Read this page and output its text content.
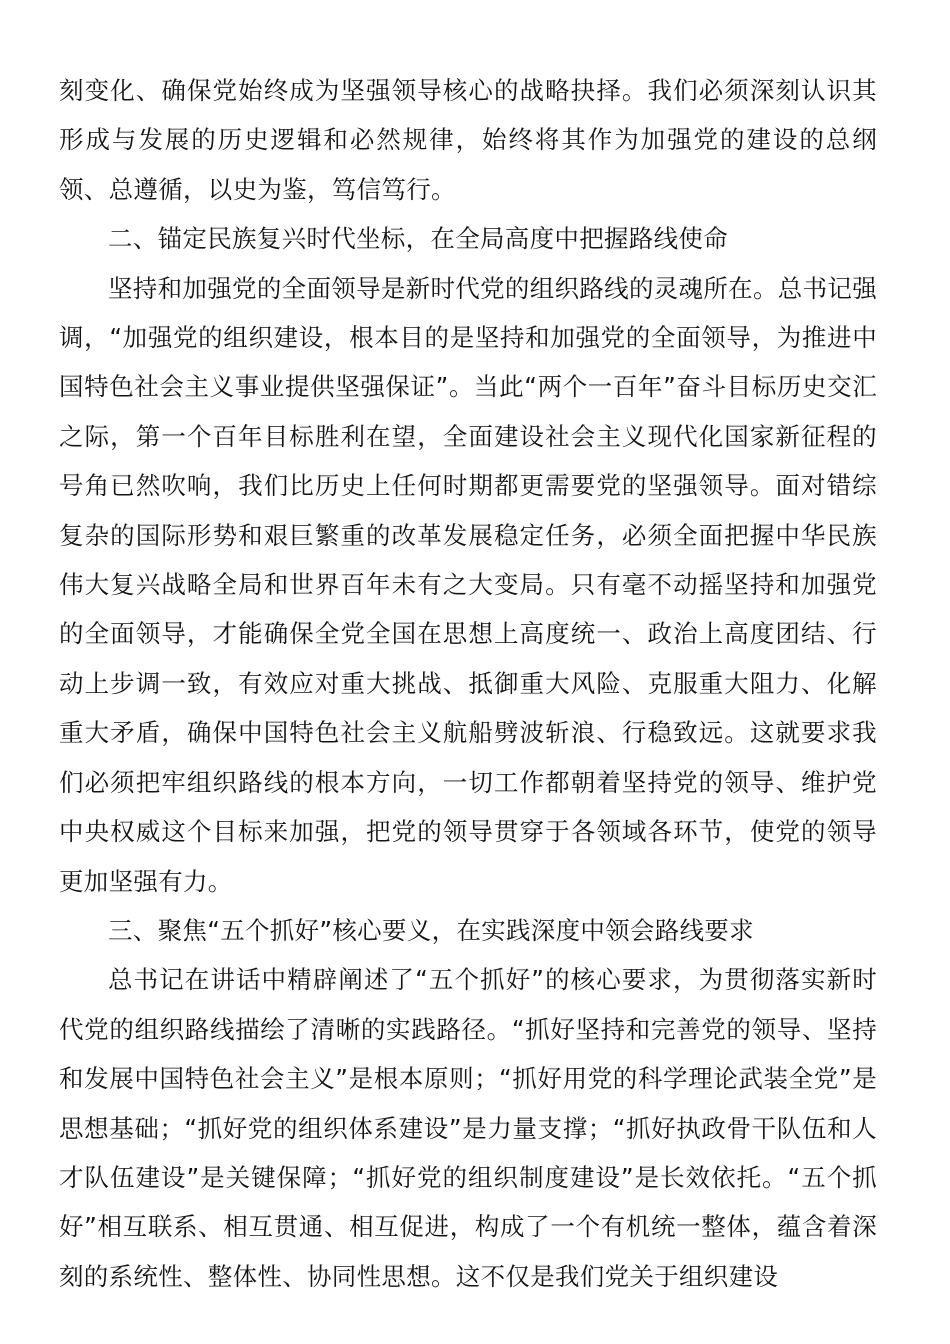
刻变化、确保党始终成为坚强领导核心的战略抉择。我们必须深刻认识其形成与发展的历史逻辑和必然规律，始终将其作为加强党的建设的总纲领、总遵循，以史为鉴，笃信笃行。

二、锚定民族复兴时代坐标，在全局高度中把握路线使命

坚持和加强党的全面领导是新时代党的组织路线的灵魂所在。总书记强调，“加强党的组织建设，根本目的是坚持和加强党的全面领导，为推进中国特色社会主义事业提供坚强保证”。当此“两个一百年”奋斗目标历史交汇之际，第一个百年目标胜利在望，全面建设社会主义现代化国家新征程的号角已然吹响，我们比历史上任何时期都更需要党的坚强领导。面对错综复杂的国际形势和艰巨繁重的改革发展稳定任务，必须全面把握中华民族伟大复兴战略全局和世界百年未有之大变局。只有毫不动摇坚持和加强党的全面领导，才能确保全党全国在思想上高度统一、政治上高度团结、行动上步调一致，有效应对重大挑战、抵御重大风险、克服重大阻力、化解重大矛盾，确保中国特色社会主义航船劈波斩浪、行稳致远。这就要求我们必须把牢组织路线的根本方向，一切工作都朝着坚持党的领导、维护党中央权威这个目标来加强，把党的领导贯穿于各领域各环节，使党的领导更加坚强有力。

三、聚焦“五个抓好”核心要义，在实践深度中领会路线要求

总书记在讲话中精辟阐述了“五个抓好”的核心要求，为贯彻落实新时代党的组织路线描绘了清晰的实践路径。“抓好坚持和完善党的领导、坚持和发展中国特色社会主义”是根本原则；“抓好用党的科学理论武装全党”是思想基础；“抓好党的组织体系建设”是力量支撑；“抓好执政骨干队伍和人才队伍建设”是关键保障；“抓好党的组织制度建设”是长效依托。“五个抓好”相互联系、相互贯通、相互促进，构成了一个有机统一整体，蕴含着深刻的系统性、整体性、协同性思想。这不仅是我们党关于组织建设
